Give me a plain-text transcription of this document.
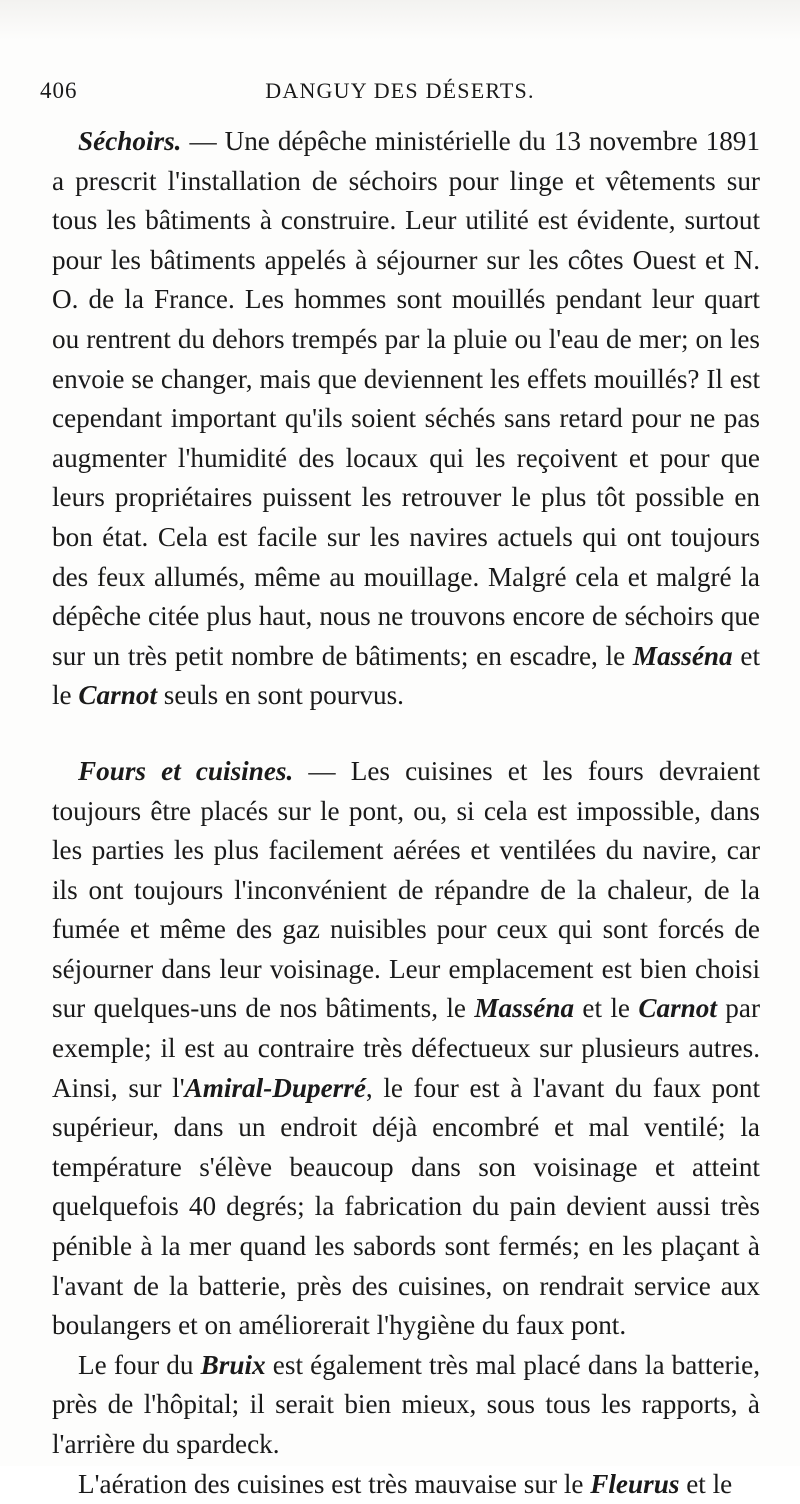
406	DANGUY DES DÉSERTS.

Séchoirs. — Une dépêche ministérielle du 13 novembre 1891 a prescrit l'installation de séchoirs pour linge et vêtements sur tous les bâtiments à construire. Leur utilité est évidente, surtout pour les bâtiments appelés à séjourner sur les côtes Ouest et N. O. de la France. Les hommes sont mouillés pendant leur quart ou rentrent du dehors trempés par la pluie ou l'eau de mer; on les envoie se changer, mais que deviennent les effets mouillés? Il est cependant important qu'ils soient séchés sans retard pour ne pas augmenter l'humidité des locaux qui les reçoivent et pour que leurs propriétaires puissent les retrouver le plus tôt possible en bon état. Cela est facile sur les navires actuels qui ont toujours des feux allumés, même au mouillage. Malgré cela et malgré la dépêche citée plus haut, nous ne trouvons encore de séchoirs que sur un très petit nombre de bâtiments; en escadre, le Masséna et le Carnot seuls en sont pourvus.

Fours et cuisines. — Les cuisines et les fours devraient toujours être placés sur le pont, ou, si cela est impossible, dans les parties les plus facilement aérées et ventilées du navire, car ils ont toujours l'inconvénient de répandre de la chaleur, de la fumée et même des gaz nuisibles pour ceux qui sont forcés de séjourner dans leur voisinage. Leur emplacement est bien choisi sur quelques-uns de nos bâtiments, le Masséna et le Carnot par exemple; il est au contraire très défectueux sur plusieurs autres. Ainsi, sur l'Amiral-Duperré, le four est à l'avant du faux pont supérieur, dans un endroit déjà encombré et mal ventilé; la température s'élève beaucoup dans son voisinage et atteint quelquefois 40 degrés; la fabrication du pain devient aussi très pénible à la mer quand les sabords sont fermés; en les plaçant à l'avant de la batterie, près des cuisines, on rendrait service aux boulangers et on améliorerait l'hygiène du faux pont.

Le four du Bruix est également très mal placé dans la batterie, près de l'hôpital; il serait bien mieux, sous tous les rapports, à l'arrière du spardeck.

L'aération des cuisines est très mauvaise sur le Fleurus et le
